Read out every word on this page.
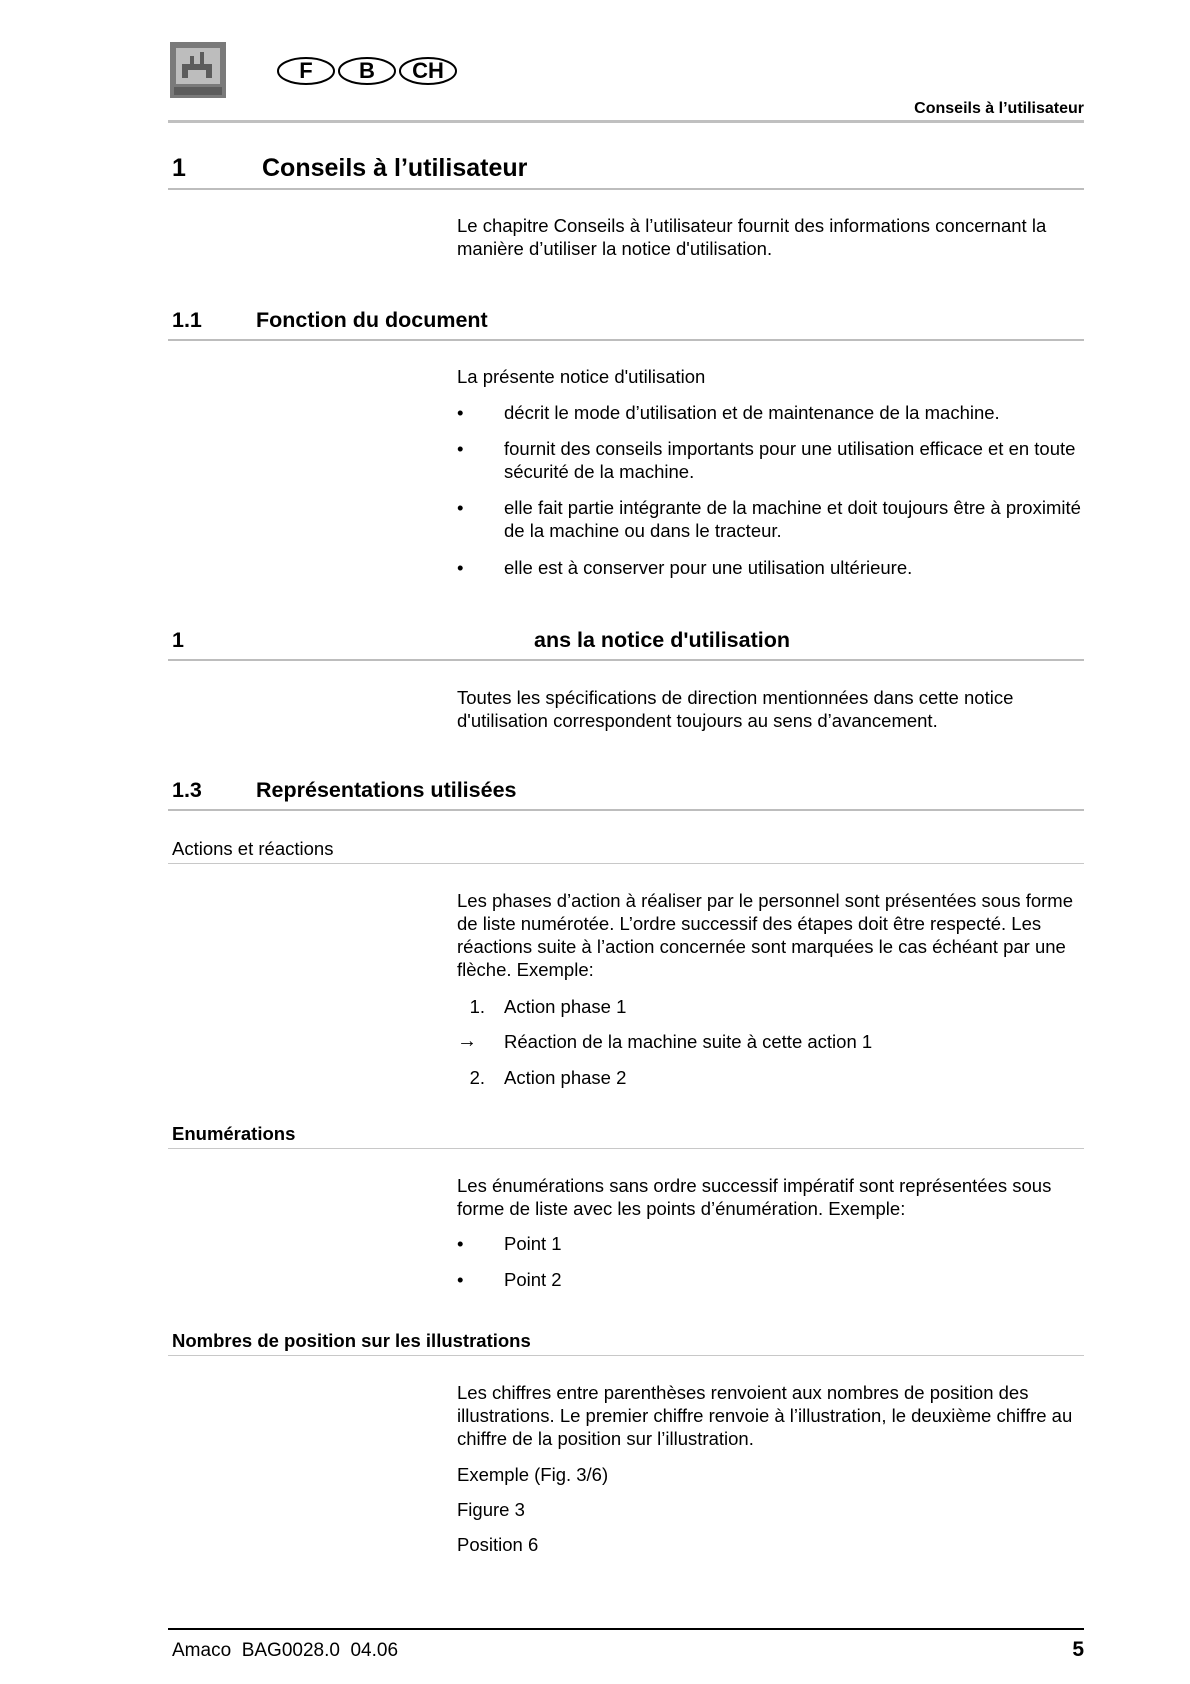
F	B	CH
Conseils à l’utilisateur
1	Conseils à l’utilisateur
Le chapitre Conseils à l’utilisateur fournit des informations concernant la manière d’utiliser la notice d'utilisation.
1.1	Fonction du document
La présente notice d'utilisation
•	décrit le mode d’utilisation et de maintenance de la machine.
•	fournit des conseils importants pour une utilisation efficace et en toute sécurité de la machine.
•	elle fait partie intégrante de la machine et doit toujours être à proximité de la machine ou dans le tracteur.
•	elle est à conserver pour une utilisation ultérieure.
1	ans la notice d'utilisation
Toutes les spécifications de direction mentionnées dans cette notice d'utilisation correspondent toujours au sens d’avancement.
1.3	Représentations utilisées
Actions et réactions
Les phases d’action à réaliser par le personnel sont présentées sous forme de liste numérotée. L’ordre successif des étapes doit être respecté. Les réactions suite à l’action concernée sont marquées le cas échéant par une flèche. Exemple:
1. Action phase 1
→	Réaction de la machine suite à cette action 1
2. Action phase 2
Enumérations
Les énumérations sans ordre successif impératif sont représentées sous forme de liste avec les points d’énumération. Exemple:
•	Point 1
•	Point 2
Nombres de position sur les illustrations
Les chiffres entre parenthèses renvoient aux nombres de position des illustrations. Le premier chiffre renvoie à l’illustration, le deuxième chiffre au chiffre de la position sur l’illustration.
Exemple (Fig. 3/6)
Figure 3
Position 6
Amaco  BAG0028.0  04.06	5
